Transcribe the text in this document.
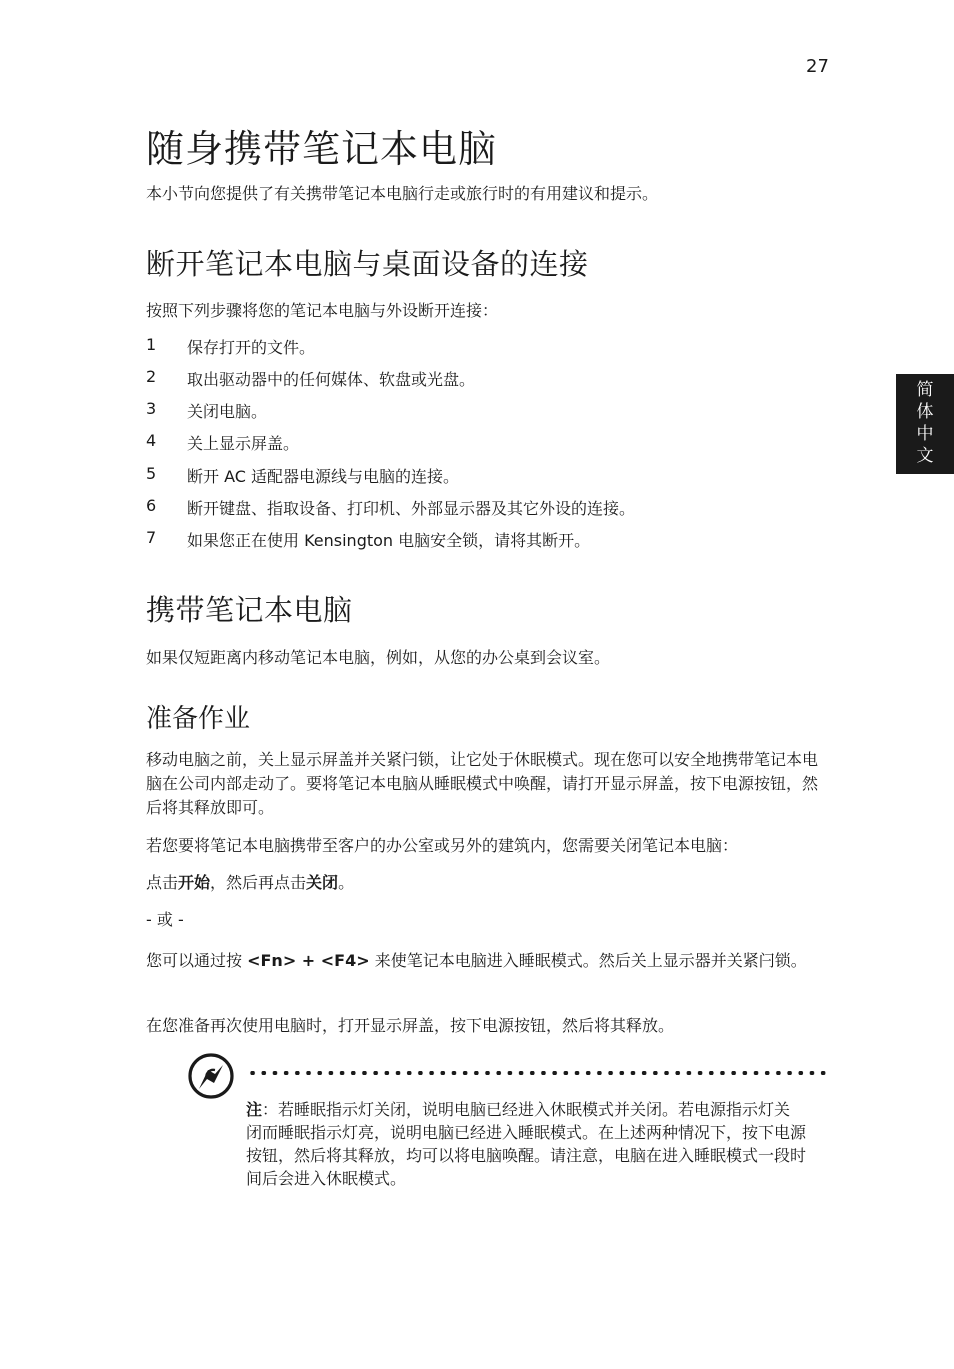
27
简
体
中
文
随身携带笔记本电脑
本小节向您提供了有关携带笔记本电脑行走或旅行时的有用建议和提示。
断开笔记本电脑与桌面设备的连接
按照下列步骤将您的笔记本电脑与外设断开连接：
1 保存打开的文件。
2 取出驱动器中的任何媒体、软盘或光盘。
3 关闭电脑。
4 关上显示屏盖。
5 断开 AC 适配器电源线与电脑的连接。
6 断开键盘、指取设备、打印机、外部显示器及其它外设的连接。
7 如果您正在使用 Kensington 电脑安全锁，请将其断开。
携带笔记本电脑
如果仅短距离内移动笔记本电脑，例如，从您的办公桌到会议室。
准备作业
移动电脑之前，关上显示屏盖并关紧闩锁，让它处于休眠模式。现在您可以安全地携带笔记本电脑在公司内部走动了。要将笔记本电脑从睡眠模式中唤醒，请打开显示屏盖，按下电源按钮，然后将其释放即可。
若您要将笔记本电脑携带至客户的办公室或另外的建筑内，您需要关闭笔记本电脑：
点击开始，然后再点击关闭。
- 或 -
您可以通过按 <Fn> + <F4> 来使笔记本电脑进入睡眠模式。然后关上显示器并关紧闩锁。
在您准备再次使用电脑时，打开显示屏盖，按下电源按钮，然后将其释放。
注：若睡眠指示灯关闭，说明电脑已经进入休眠模式并关闭。若电源指示灯关闭而睡眠指示灯亮，说明电脑已经进入睡眠模式。在上述两种情况下，按下电源按钮，然后将其释放，均可以将电脑唤醒。请注意，电脑在进入睡眠模式一段时间后会进入休眠模式。
